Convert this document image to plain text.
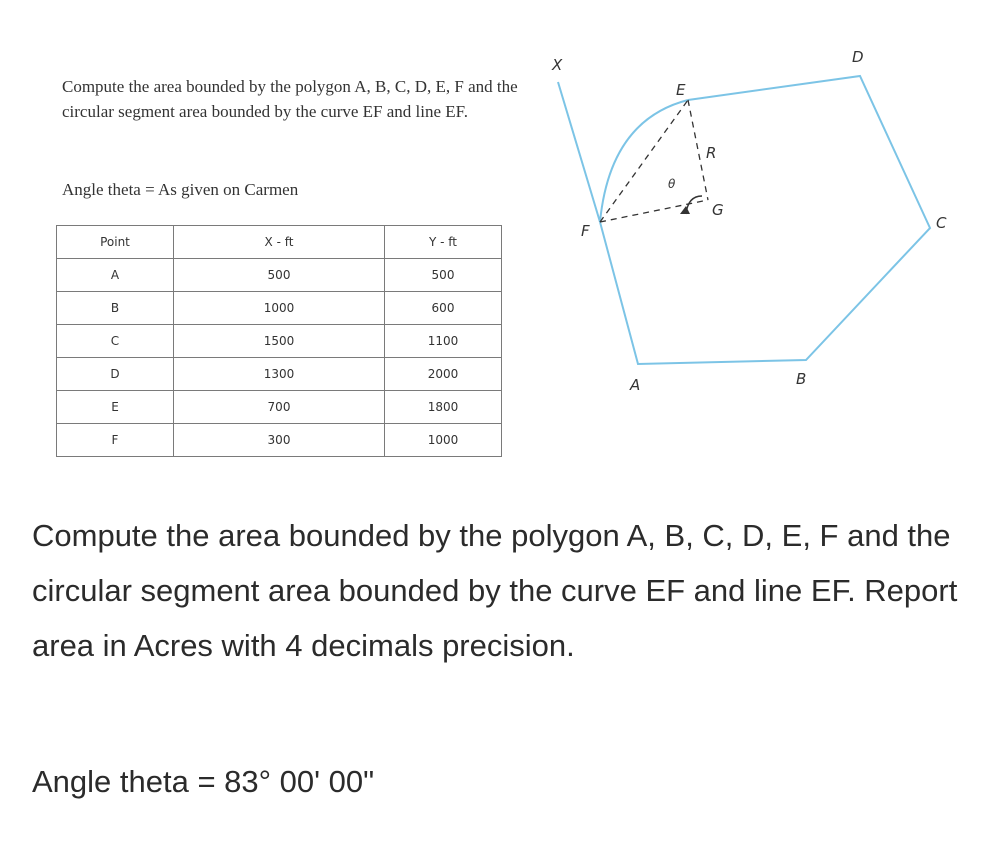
Compute the area bounded by the polygon A, B, C, D, E, F and the circular segment area bounded by the curve EF and line EF.
Angle theta = As given on Carmen
Point	X - ft	Y - ft
A	500	500
B	1000	600
C	1500	1100
D	1300	2000
E	700	1800
F	300	1000
X
E
D
C
B
A
F
G
R
θ
Compute the area bounded by the polygon A, B, C, D, E, F and the circular segment area bounded by the curve EF and line EF. Report area in Acres with 4 decimals precision.
Angle theta = 83° 00' 00"
